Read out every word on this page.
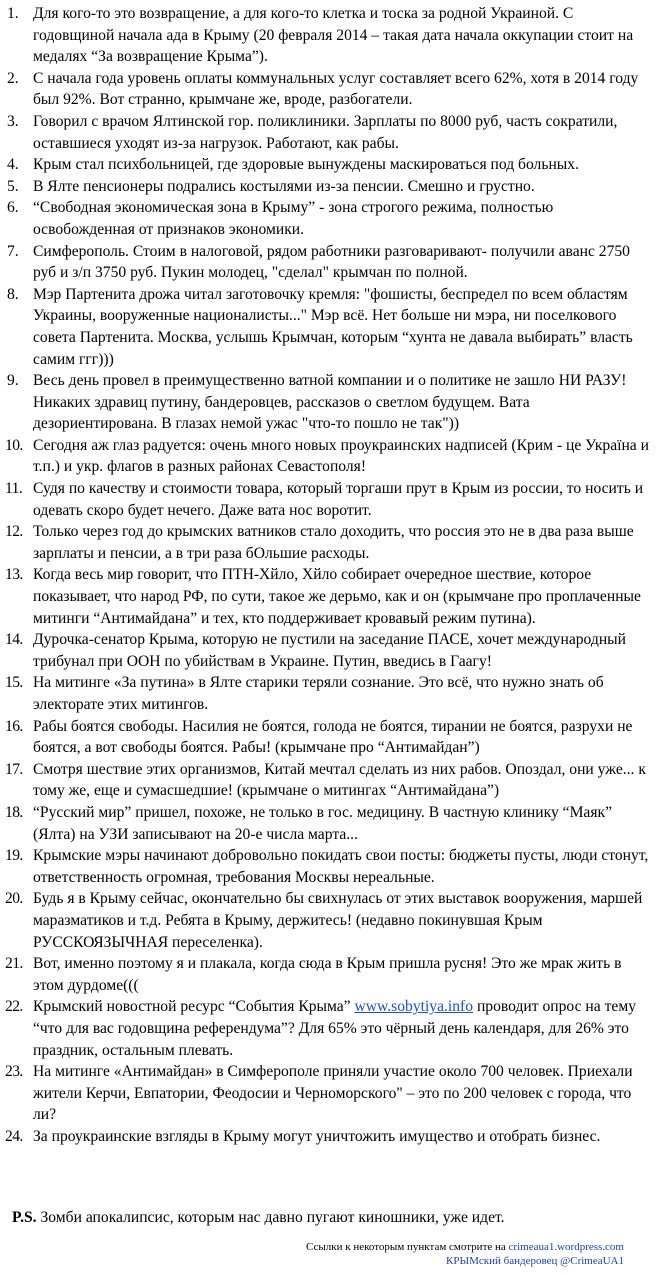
1. Для кого-то это возвращение, а для кого-то клетка и тоска за родной Украиной. С годовщиной начала ада в Крыму (20 февраля 2014 – такая дата начала оккупации стоит на медалях “За возвращение Крыма”).
2. С начала года уровень оплаты коммунальных услуг составляет всего 62%, хотя в 2014 году был 92%. Вот странно, крымчане же, вроде, разбогатели.
3. Говорил с врачом Ялтинской гор. поликлиники. Зарплаты по 8000 руб, часть сократили, оставшиеся уходят из-за нагрузок. Работают, как рабы.
4. Крым стал психбольницей, где здоровые вынуждены маскироваться под больных.
5. В Ялте пенсионеры подрались костылями из-за пенсии. Смешно и грустно.
6. “Свободная экономическая зона в Крыму” - зона строгого режима, полностью освобожденная от признаков экономики.
7. Симферополь. Стоим в налоговой, рядом работники разговаривают- получили аванс 2750 руб и з/п 3750 руб. Пукин молодец, "сделал" крымчан по полной.
8. Мэр Партенита дрожа читал заготовочку кремля: "фошисты, беспредел по всем областям Украины, вооруженные националисты..." Мэр всё. Нет больше ни мэра, ни поселкового совета Партенита. Москва, услышь Крымчан, которым “хунта не давала выбирать” власть самим ггг)))
9. Весь день провел в преимущественно ватной компании и о политике не зашло НИ РАЗУ! Никаких здравиц путину, бандеровцев, рассказов о светлом будущем. Вата дезориентирована. В глазах немой ужас "что-то пошло не так"))
10. Сегодня аж глаз радуется: очень много новых проукраинских надписей (Крим - це Україна и т.п.) и укр. флагов в разных районах Севастополя!
11. Судя по качеству и стоимости товара, который торгаши прут в Крым из россии, то носить и одевать скоро будет нечего. Даже вата нос воротит.
12. Только через год до крымских ватников стало доходить, что россия это не в два раза выше зарплаты и пенсии, а в три раза бОльшие расходы.
13. Когда весь мир говорит, что ПТН-Хйло, Хйло собирает очередное шествие, которое показывает, что народ РФ, по сути, такое же дерьмо, как и он (крымчане про проплаченные митинги “Антимайдана” и тех, кто поддерживает кровавый режим путина).
14. Дурочка-сенатор Крыма, которую не пустили на заседание ПАСЕ, хочет международный трибунал при ООН по убийствам в Украине. Путин, введись в Гаагу!
15. На митинге «За путина» в Ялте старики теряли сознание. Это всё, что нужно знать об электорате этих митингов.
16. Рабы боятся свободы. Насилия не боятся, голода не боятся, тирании не боятся, разрухи не боятся, а вот свободы боятся. Рабы! (крымчане про “Антимайдан”)
17. Смотря шествие этих организмов, Китай мечтал сделать из них рабов. Опоздал, они уже... к тому же, еще и сумасшедшие! (крымчане о митингах “Антимайдана”)
18. “Русский мир” пришел, похоже, не только в гос. медицину. В частную клинику “Маяк” (Ялта) на УЗИ записывают на 20-е числа марта...
19. Крымские мэры начинают добровольно покидать свои посты: бюджеты пусты, люди стонут, ответственность огромная, требования Москвы нереальные.
20. Будь я в Крыму сейчас, окончательно бы свихнулась от этих выставок вооружения, маршей маразматиков и т.д. Ребята в Крыму, держитесь! (недавно покинувшая Крым РУССКОЯЗЫЧНАЯ переселенка).
21. Вот, именно поэтому я и плакала, когда сюда в Крым пришла русня! Это же мрак жить в этом дурдоме(((
22. Крымский новостной ресурс “События Крыма” www.sobytiya.info проводит опрос на тему “что для вас годовщина референдума”? Для 65% это чёрный день календаря, для 26% это праздник, остальным плевать.
23. На митинге «Антимайдан» в Симферополе приняли участие около 700 человек. Приехали жители Керчи, Евпатории, Феодосии и Черноморского" – это по 200 человек с города, что ли?
24. За проукраинские взгляды в Крыму могут уничтожить имущество и отобрать бизнес.
P.S. Зомби апокалипсис, которым нас давно пугают киношники, уже идет.
Ссылки к некоторым пунктам смотрите на crimeaua1.wordpress.com
КРЫМский бандеровец @CrimeaUA1
